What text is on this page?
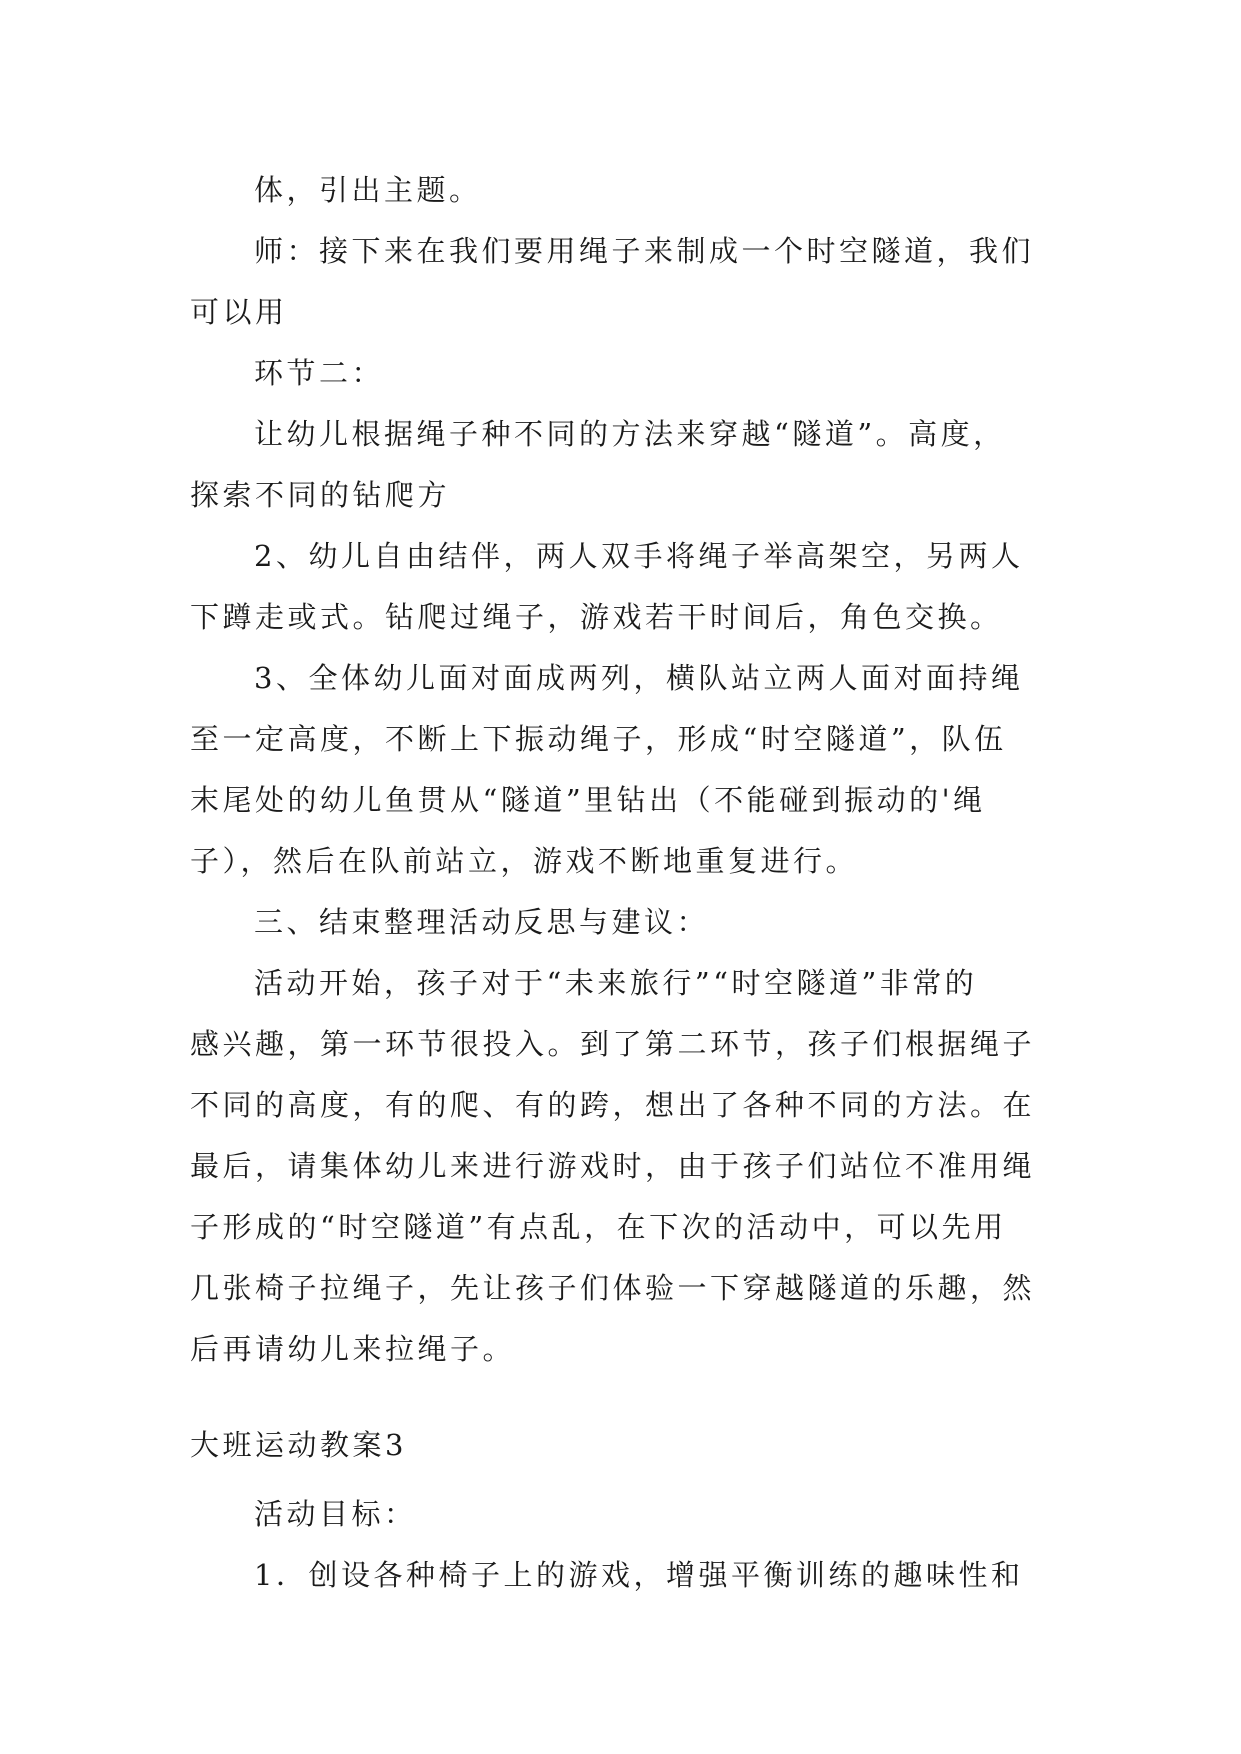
体，引出主题。

师：接下来在我们要用绳子来制成一个时空隧道，我们
可以用

环节二：

让幼儿根据绳子种不同的方法来穿越“隧道”。高度，
探索不同的钻爬方

2、幼儿自由结伴，两人双手将绳子举高架空，另两人
下蹲走或式。钻爬过绳子，游戏若干时间后，角色交换。

3、全体幼儿面对面成两列，横队站立两人面对面持绳
至一定高度，不断上下振动绳子，形成“时空隧道”，队伍
末尾处的幼儿鱼贯从“隧道”里钻出（不能碰到振动的'绳
子），然后在队前站立，游戏不断地重复进行。

三、结束整理活动反思与建议：

活动开始，孩子对于“未来旅行”“时空隧道”非常的
感兴趣，第一环节很投入。到了第二环节，孩子们根据绳子
不同的高度，有的爬、有的跨，想出了各种不同的方法。在
最后，请集体幼儿来进行游戏时，由于孩子们站位不准用绳
子形成的“时空隧道”有点乱，在下次的活动中，可以先用
几张椅子拉绳子，先让孩子们体验一下穿越隧道的乐趣，然
后再请幼儿来拉绳子。

大班运动教案3

活动目标：

1．创设各种椅子上的游戏，增强平衡训练的趣味性和
